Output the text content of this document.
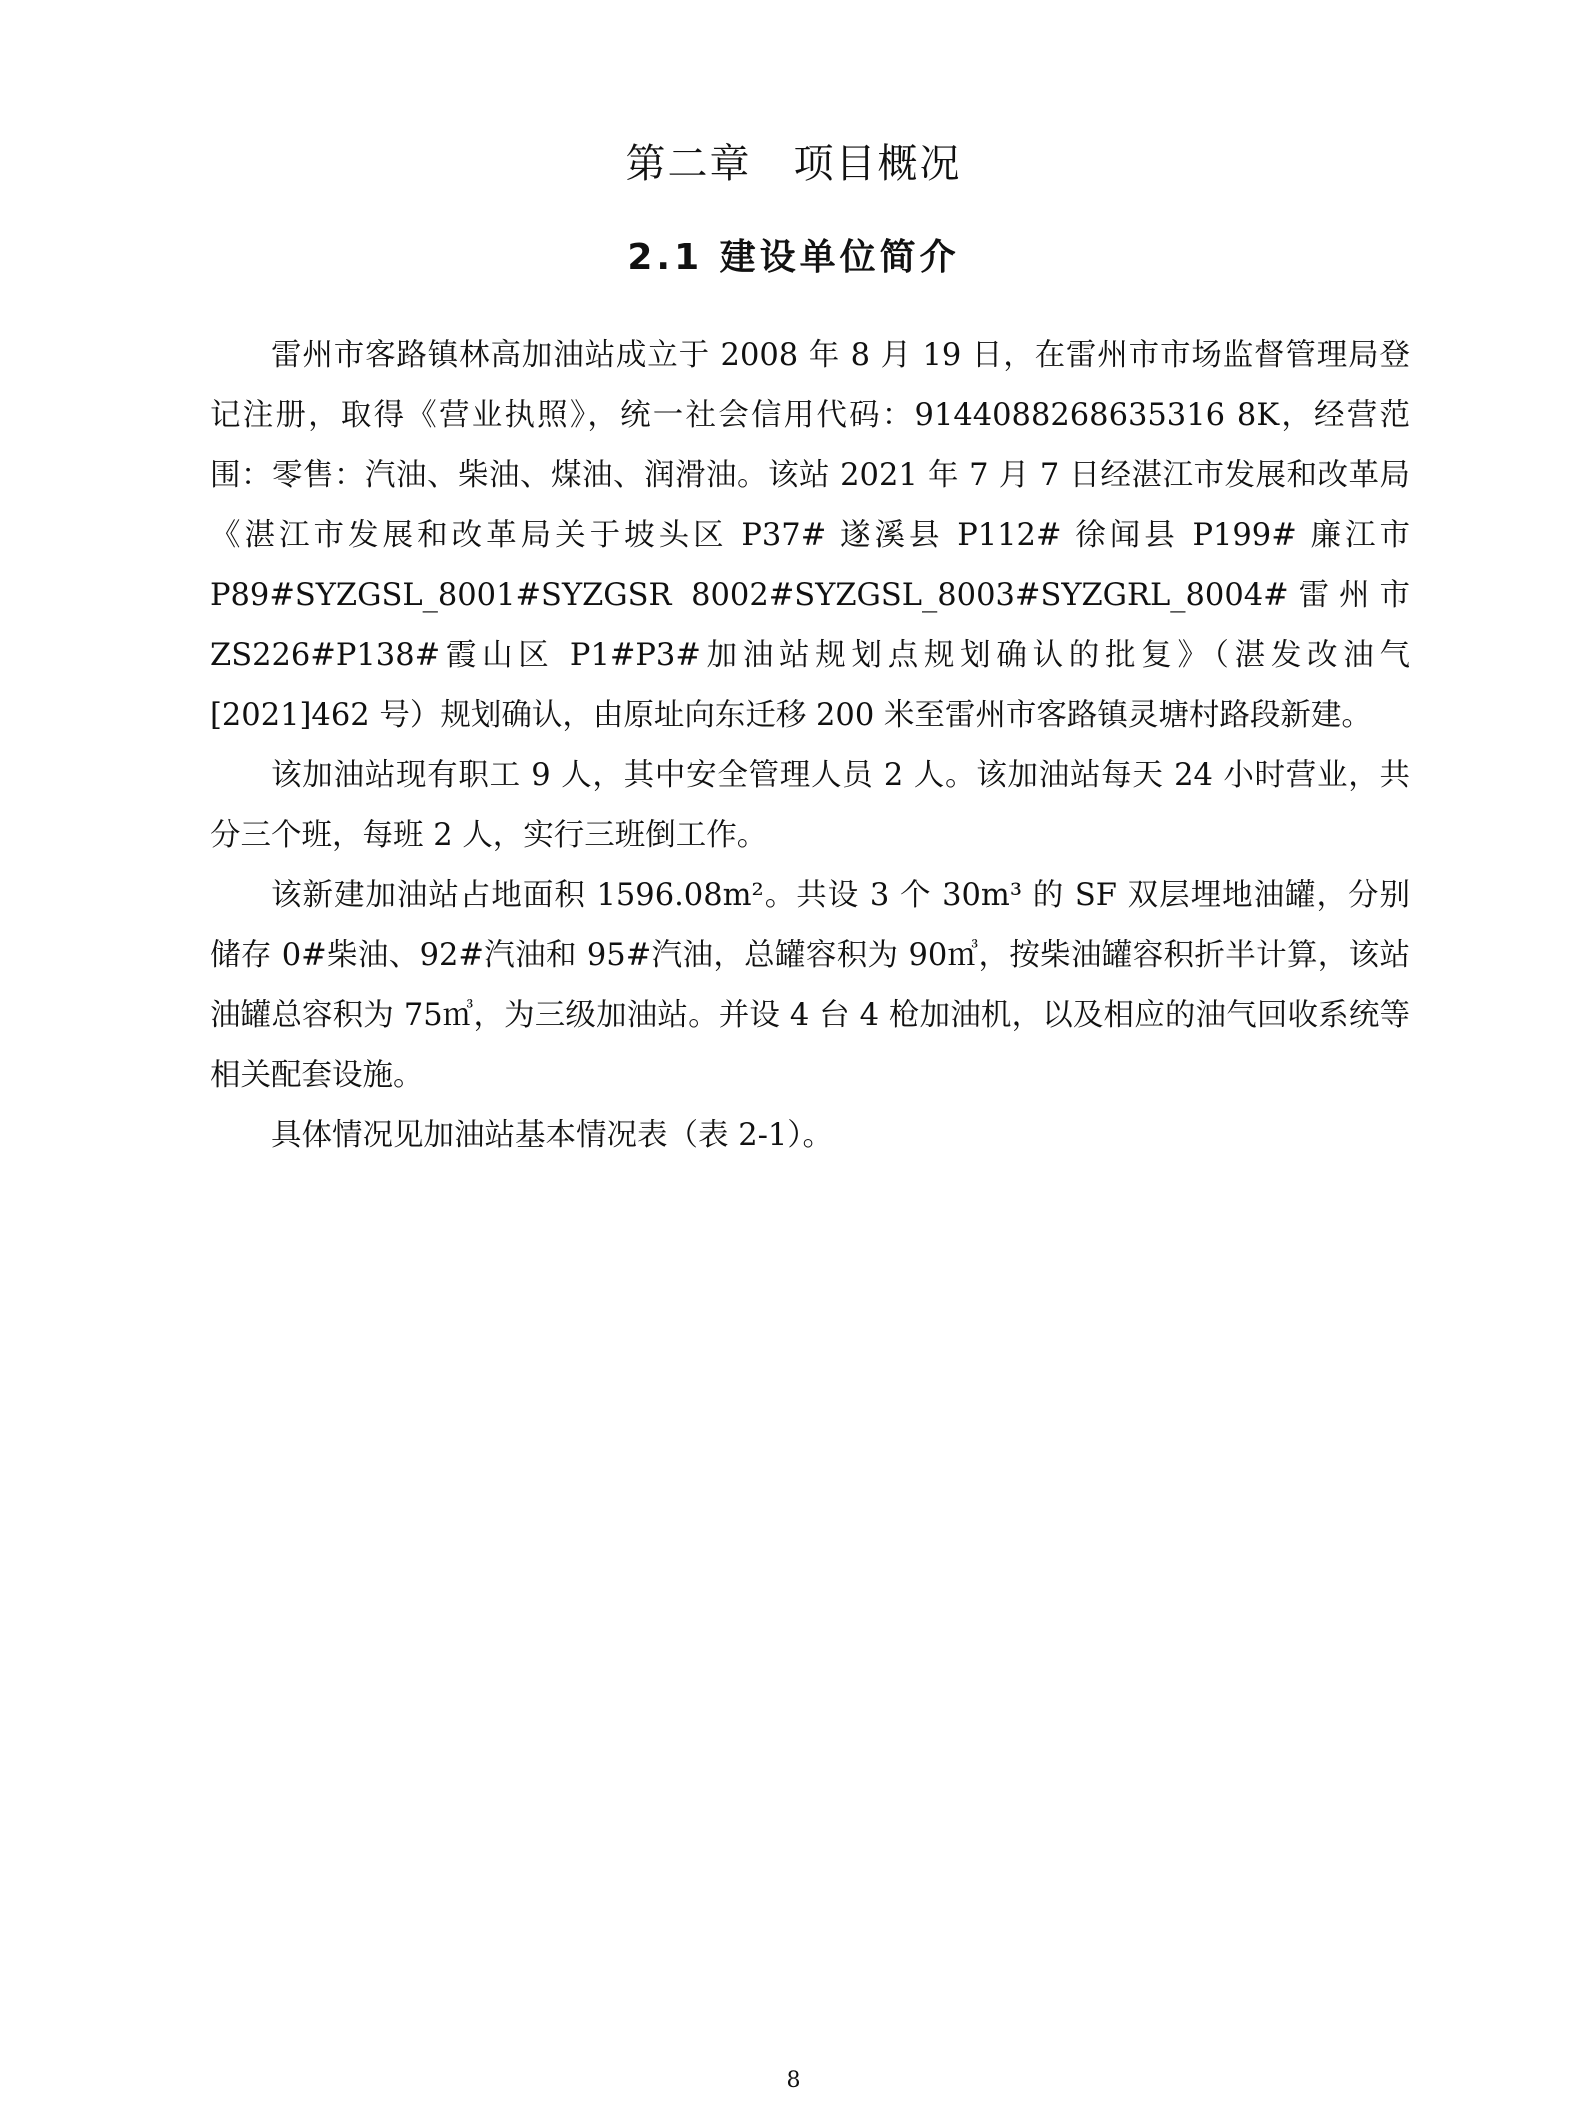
第二章　项目概况
2.1 建设单位简介

雷州市客路镇林高加油站成立于 2008 年 8 月 19 日，在雷州市市场监督管理局登记注册，取得《营业执照》，统一社会信用代码：9144088268635316 8K，经营范围：零售：汽油、柴油、煤油、润滑油。该站 2021 年 7 月 7 日经湛江市发展和改革局《湛江市发展和改革局关于坡头区 P37# 遂溪县 P112# 徐闻县 P199# 廉江市 P89#SYZGSL_8001#SYZGSR 8002#SYZGSL_8003#SYZGRL_8004#雷州市 ZS226#P138#霞山区 P1#P3#加油站规划点规划确认的批复》（湛发改油气[2021]462 号）规划确认，由原址向东迁移 200 米至雷州市客路镇灵塘村路段新建。

该加油站现有职工 9 人，其中安全管理人员 2 人。该加油站每天 24 小时营业，共分三个班，每班 2 人，实行三班倒工作。

该新建加油站占地面积 1596.08m²。共设 3 个 30m³ 的 SF 双层埋地油罐，分别储存 0#柴油、92#汽油和 95#汽油，总罐容积为 90㎥，按柴油罐容积折半计算，该站油罐总容积为 75㎥，为三级加油站。并设 4 台 4 枪加油机，以及相应的油气回收系统等相关配套设施。

具体情况见加油站基本情况表（表 2-1）。

8
